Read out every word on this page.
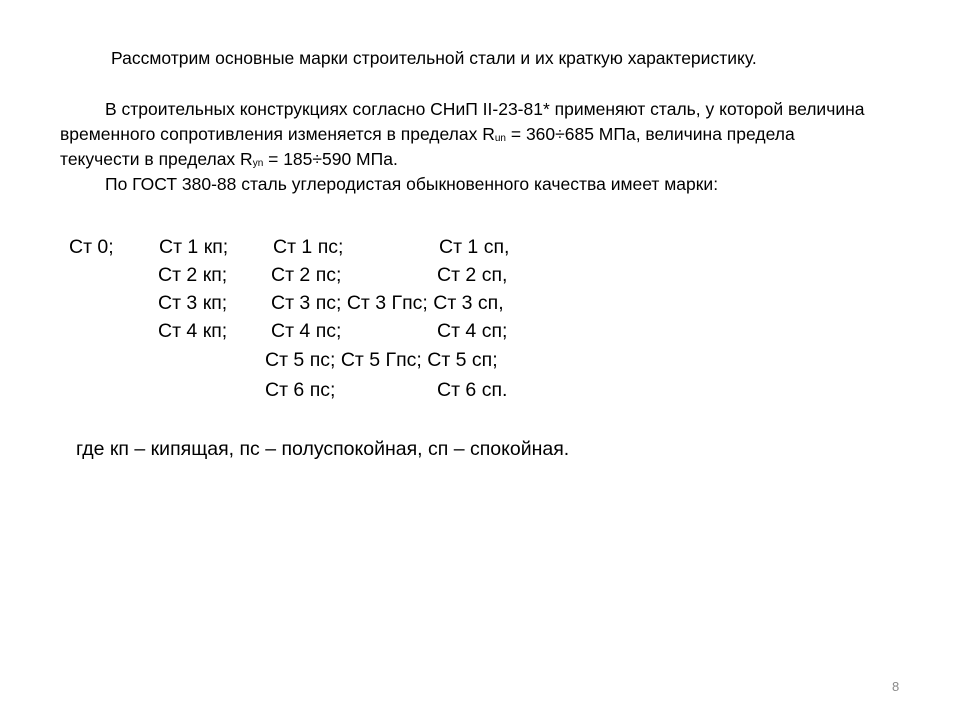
Рассмотрим основные марки строительной стали и их краткую характеристику.
В строительных конструкциях согласно СНиП II-23-81* применяют сталь, у которой величина
временного сопротивления изменяется в пределах $R_{un} = 360\div 685$ МПа, величина предела
текучести в пределах $R_{yn} = 185\div 590$ МПа.
По ГОСТ 380-88 сталь углеродистая обыкновенного качества имеет марки:
Ст 0; Ст 1 кп; Ст 1 пс;	Ст 1 сп,
Ст 2 кп; Ст 2 пс;	Ст 2 сп,
Ст 3 кп; Ст 3 пс; Ст 3 Гпс; Ст 3 сп,
Ст 4 кп; Ст 4 пс;	Ст 4 сп;
Ст 5 пс; Ст 5 Гпс; Ст 5 сп;
Ст 6 пс;	Ст 6 сп.
где кп – кипящая, пс – полуспокойная, сп – спокойная.
8
